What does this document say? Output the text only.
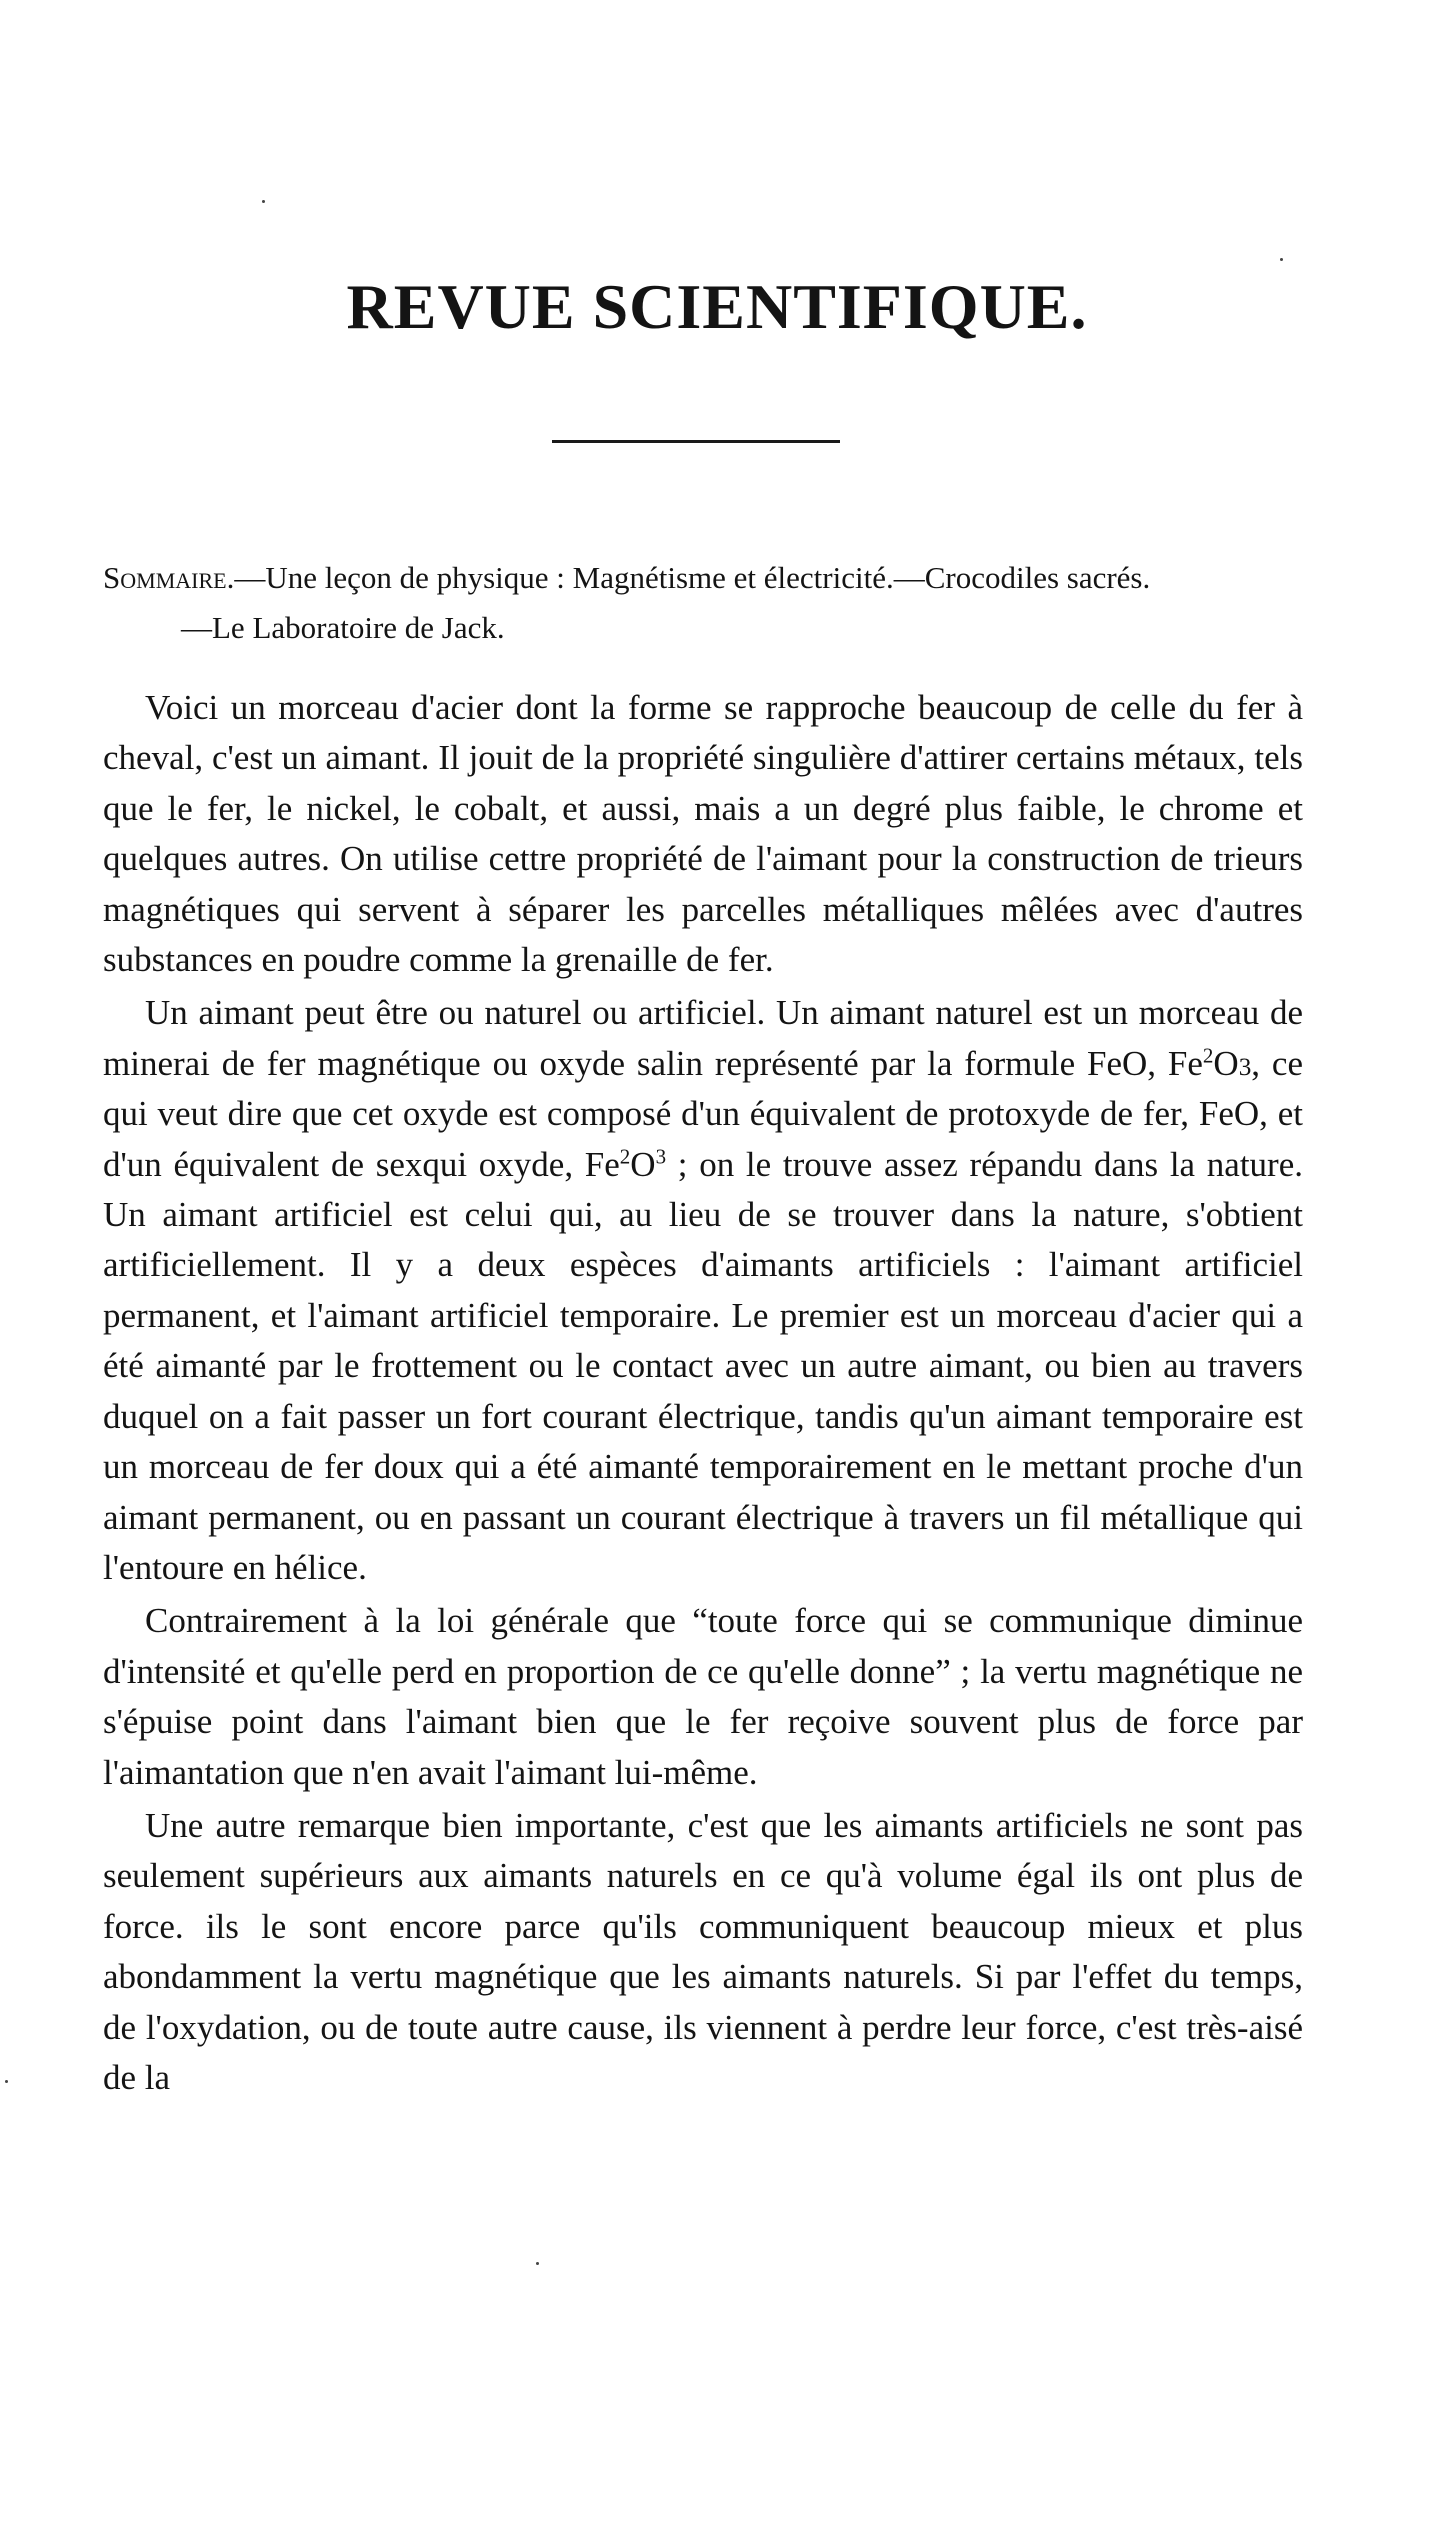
REVUE SCIENTIFIQUE.

Sommaire.—Une leçon de physique : Magnétisme et électricité.—Crocodiles sacrés.
—Le Laboratoire de Jack.

Voici un morceau d'acier dont la forme se rapproche beaucoup de celle du fer à cheval, c'est un aimant. Il jouit de la propriété singulière d'attirer certains métaux, tels que le fer, le nickel, le cobalt, et aussi, mais a un degré plus faible, le chrome et quelques autres. On utilise cettre propriété de l'aimant pour la construction de trieurs magnétiques qui servent à séparer les parcelles métalliques mêlées avec d'autres substances en poudre comme la grenaille de fer.

Un aimant peut être ou naturel ou artificiel. Un aimant naturel est un morceau de minerai de fer magnétique ou oxyde salin représenté par la formule FeO, Fe$^2$O3, ce qui veut dire que cet oxyde est composé d'un équivalent de protoxyde de fer, FeO, et d'un équivalent de sexqui oxyde, $Fe^2O^3$ ; on le trouve assez répandu dans la nature. Un aimant artificiel est celui qui, au lieu de se trouver dans la nature, s'obtient artificiellement. Il y a deux espèces d'aimants artificiels : l'aimant artificiel permanent, et l'aimant artificiel temporaire. Le premier est un morceau d'acier qui a été aimanté par le frottement ou le contact avec un autre aimant, ou bien au travers duquel on a fait passer un fort courant électrique, tandis qu'un aimant temporaire est un morceau de fer doux qui a été aimanté temporairement en le mettant proche d'un aimant permanent, ou en passant un courant électrique à travers un fil métallique qui l'entoure en hélice.

Contrairement à la loi générale que “toute force qui se communique diminue d'intensité et qu'elle perd en proportion de ce qu'elle donne” ; la vertu magnétique ne s'épuise point dans l'aimant bien que le fer reçoive souvent plus de force par l'aimantation que n'en avait l'aimant lui-même.

Une autre remarque bien importante, c'est que les aimants artificiels ne sont pas seulement supérieurs aux aimants naturels en ce qu'à volume égal ils ont plus de force. ils le sont encore parce qu'ils communiquent beaucoup mieux et plus abondamment la vertu magnétique que les aimants naturels. Si par l'effet du temps, de l'oxydation, ou de toute autre cause, ils viennent à perdre leur force, c'est très-aisé de la
